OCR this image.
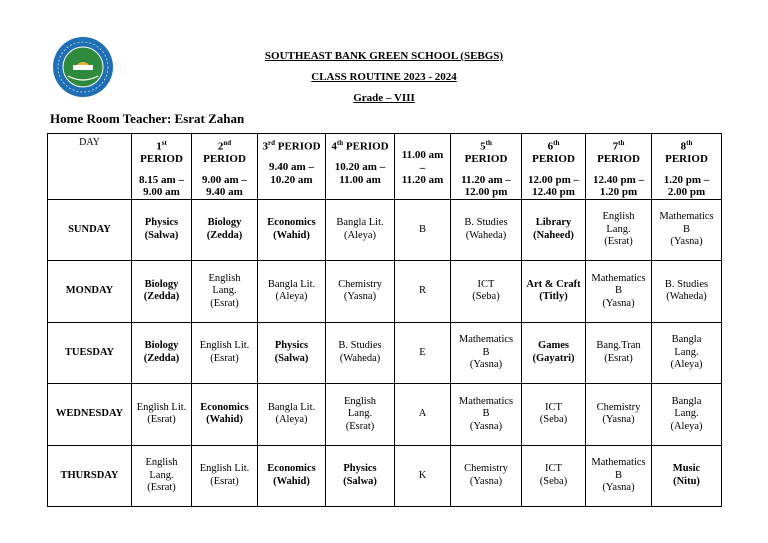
SOUTHEAST BANK GREEN SCHOOL (SEBGS)
CLASS ROUTINE 2023 - 2024
Grade – VIII
Home Room Teacher: Esrat Zahan
DAY	1st
PERIOD
8.15 am –
9.00 am	2nd
PERIOD
9.00 am –
9.40 am	3rd PERIOD
9.40 am –
10.20 am	4th PERIOD
10.20 am –
11.00 am	11.00 am
–
11.20 am	5th
PERIOD
11.20 am –
12.00 pm	6th
PERIOD
12.00 pm –
12.40 pm	7th
PERIOD
12.40 pm –
1.20 pm	8th
PERIOD
1.20 pm –
2.00 pm

SUNDAY	Physics
(Salwa)	Biology
(Zedda)	Economics
(Wahid)	Bangla Lit.
(Aleya)	B	B. Studies
(Waheda)	Library
(Naheed)	English
Lang.
(Esrat)	Mathematics
B
(Yasna)

MONDAY	Biology
(Zedda)	English
Lang.
(Esrat)	Bangla Lit.
(Aleya)	Chemistry
(Yasna)	R	ICT
(Seba)	Art & Craft
(Titly)	Mathematics
B
(Yasna)	B. Studies
(Waheda)

TUESDAY	Biology
(Zedda)	English Lit.
(Esrat)	Physics
(Salwa)	B. Studies
(Waheda)	E	Mathematics
B
(Yasna)	Games
(Gayatri)	Bang.Tran
(Esrat)	Bangla
Lang.
(Aleya)

WEDNESDAY	English Lit.
(Esrat)	Economics
(Wahid)	Bangla Lit.
(Aleya)	English
Lang.
(Esrat)	A	Mathematics
B
(Yasna)	ICT
(Seba)	Chemistry
(Yasna)	Bangla
Lang.
(Aleya)

THURSDAY	English
Lang.
(Esrat)	English Lit.
(Esrat)	Economics
(Wahid)	Physics
(Salwa)	K	Chemistry
(Yasna)	ICT
(Seba)	Mathematics
B
(Yasna)	Music
(Nitu)
